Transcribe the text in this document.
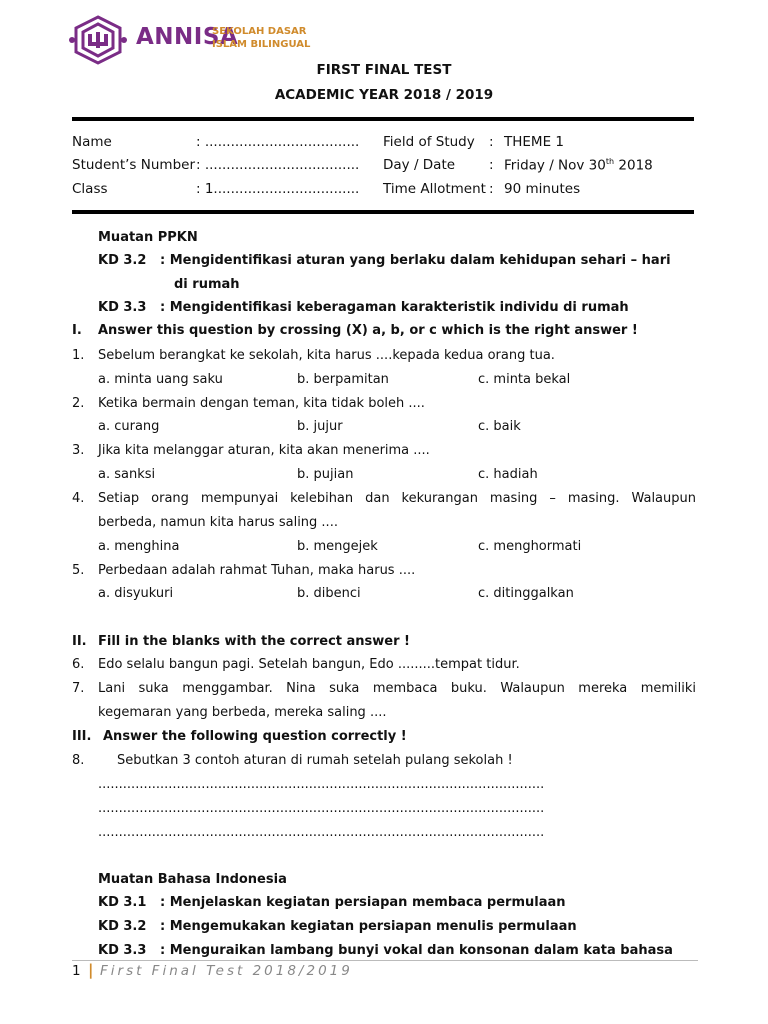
ANNISA
SEKOLAH DASAR
ISLAM BILINGUAL
FIRST FINAL TEST
ACADEMIC YEAR 2018 / 2019
Name	: ....................................
Student’s Number : ....................................
Class	: 1..................................
Field of Study : THEME 1
Day / Date	: Friday / Nov 30th 2018
Time Allotment : 90 minutes
Muatan PPKN
KD 3.2 : Mengidentifikasi aturan yang berlaku dalam kehidupan sehari – hari
di rumah
KD 3.3 : Mengidentifikasi keberagaman karakteristik individu di rumah
I. Answer this question by crossing (X) a, b, or c which is the right answer !
1. Sebelum berangkat ke sekolah, kita harus ....kepada kedua orang tua.
a. minta uang saku	b. berpamitan	c. minta bekal
2. Ketika bermain dengan teman, kita tidak boleh ....
a. curang	b. jujur	c. baik
3. Jika kita melanggar aturan, kita akan menerima ....
a. sanksi	b. pujian	c. hadiah
4. Setiap orang mempunyai kelebihan dan kekurangan masing – masing. Walaupun
berbeda, namun kita harus saling ....
a. menghina	b. mengejek	c. menghormati
5. Perbedaan adalah rahmat Tuhan, maka harus ....
a. disyukuri	b. dibenci	c. ditinggalkan
II. Fill in the blanks with the correct answer !
6. Edo selalu bangun pagi. Setelah bangun, Edo .........tempat tidur.
7. Lani suka menggambar. Nina suka membaca buku. Walaupun mereka memiliki
kegemaran yang berbeda, mereka saling ....
III. Answer the following question correctly !
8.	Sebutkan 3 contoh aturan di rumah setelah pulang sekolah !
............................................................................................................
............................................................................................................
............................................................................................................
Muatan Bahasa Indonesia
KD 3.1 : Menjelaskan kegiatan persiapan membaca permulaan
KD 3.2 : Mengemukakan kegiatan persiapan menulis permulaan
KD 3.3 : Menguraikan lambang bunyi vokal dan konsonan dalam kata bahasa
1 | First Final Test 2018/2019
